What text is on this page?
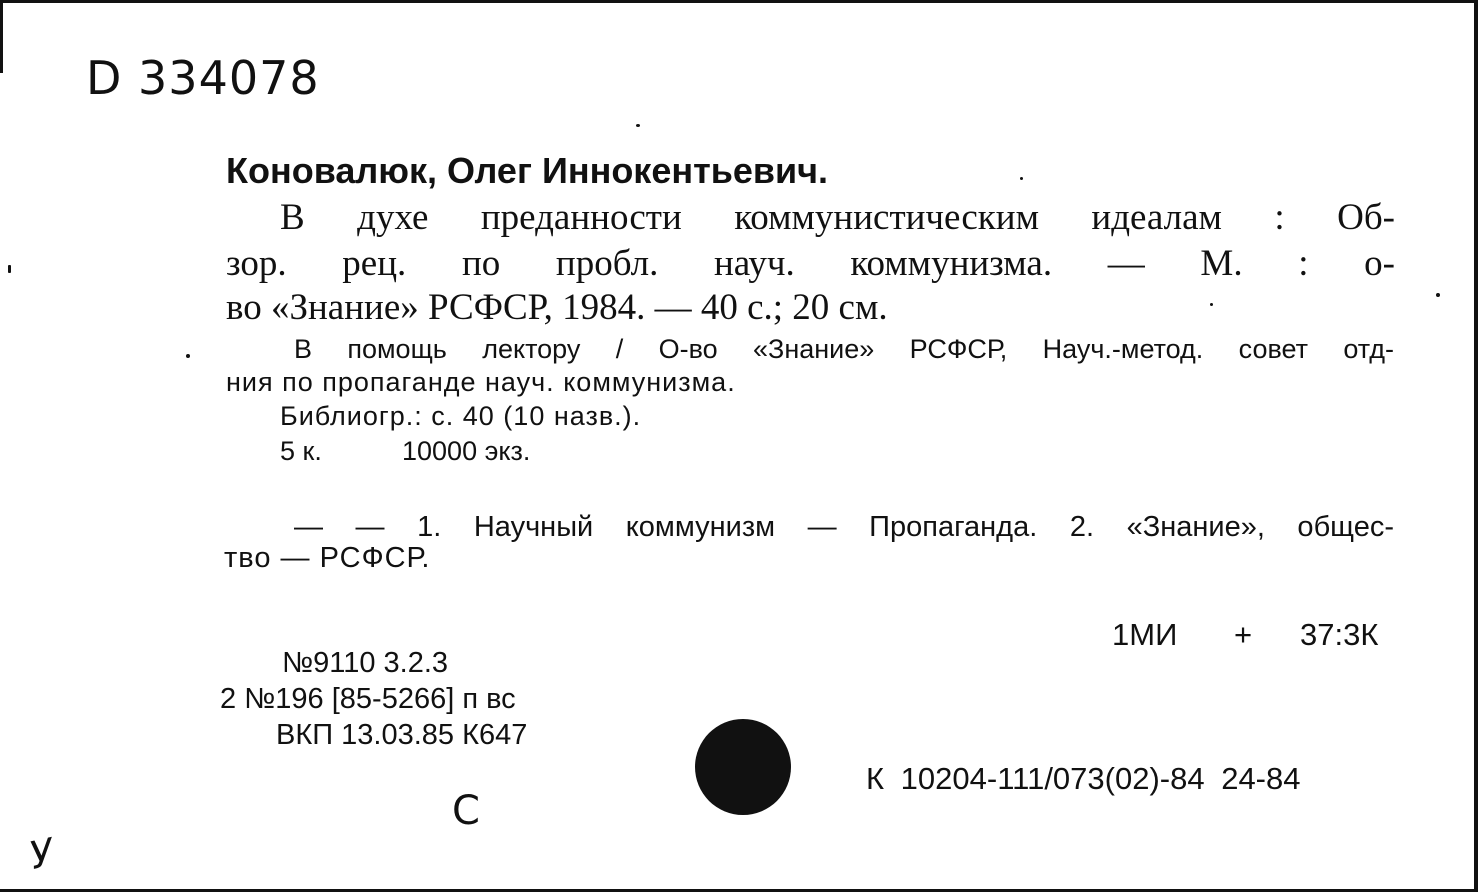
D 334078
Коновалюк, Олег Иннокентьевич.
В духе преданности коммунистическим идеалам : Об-
зор. рец. по пробл. науч. коммунизма. — М. : о-
во «Знание» РСФСР, 1984. — 40 с.; 20 см.
В помощь лектору / О-во «Знание» РСФСР, Науч.-метод. совет отд-
ния по пропаганде науч. коммунизма.
Библиогр.: с. 40 (10 назв.).
5 к.	10000 экз.
— — 1. Научный коммунизм — Пропаганда. 2. «Знание», общес-
тво — РСФСР.
1МИ + 37:3К
№9110 3.2.3
2 №196 [85-5266] п вс
ВКП 13.03.85 К647
К 10204-111/073(02)-84 24-84
С
У
